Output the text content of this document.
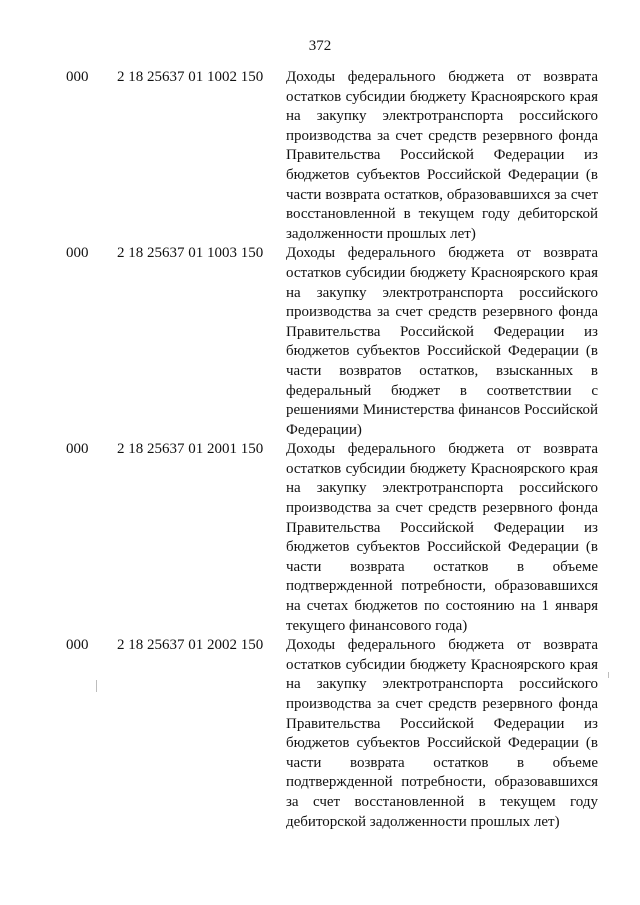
372
000 2 18 25637 01 1002 150 Доходы федерального бюджета от возврата остатков субсидии бюджету Красноярского края на закупку электротранспорта российского производства за счет средств резервного фонда Правительства Российской Федерации из бюджетов субъектов Российской Федерации (в части возврата остатков, образовавшихся за счет восстановленной в текущем году дебиторской задолженности прошлых лет)
000 2 18 25637 01 1003 150 Доходы федерального бюджета от возврата остатков субсидии бюджету Красноярского края на закупку электротранспорта российского производства за счет средств резервного фонда Правительства Российской Федерации из бюджетов субъектов Российской Федерации (в части возвратов остатков, взысканных в федеральный бюджет в соответствии с решениями Министерства финансов Российской Федерации)
000 2 18 25637 01 2001 150 Доходы федерального бюджета от возврата остатков субсидии бюджету Красноярского края на закупку электротранспорта российского производства за счет средств резервного фонда Правительства Российской Федерации из бюджетов субъектов Российской Федерации (в части возврата остатков в объеме подтвержденной потребности, образовавшихся на счетах бюджетов по состоянию на 1 января текущего финансового года)
000 2 18 25637 01 2002 150 Доходы федерального бюджета от возврата остатков субсидии бюджету Красноярского края на закупку электротранспорта российского производства за счет средств резервного фонда Правительства Российской Федерации из бюджетов субъектов Российской Федерации (в части возврата остатков в объеме подтвержденной потребности, образовавшихся за счет восстановленной в текущем году дебиторской задолженности прошлых лет)
